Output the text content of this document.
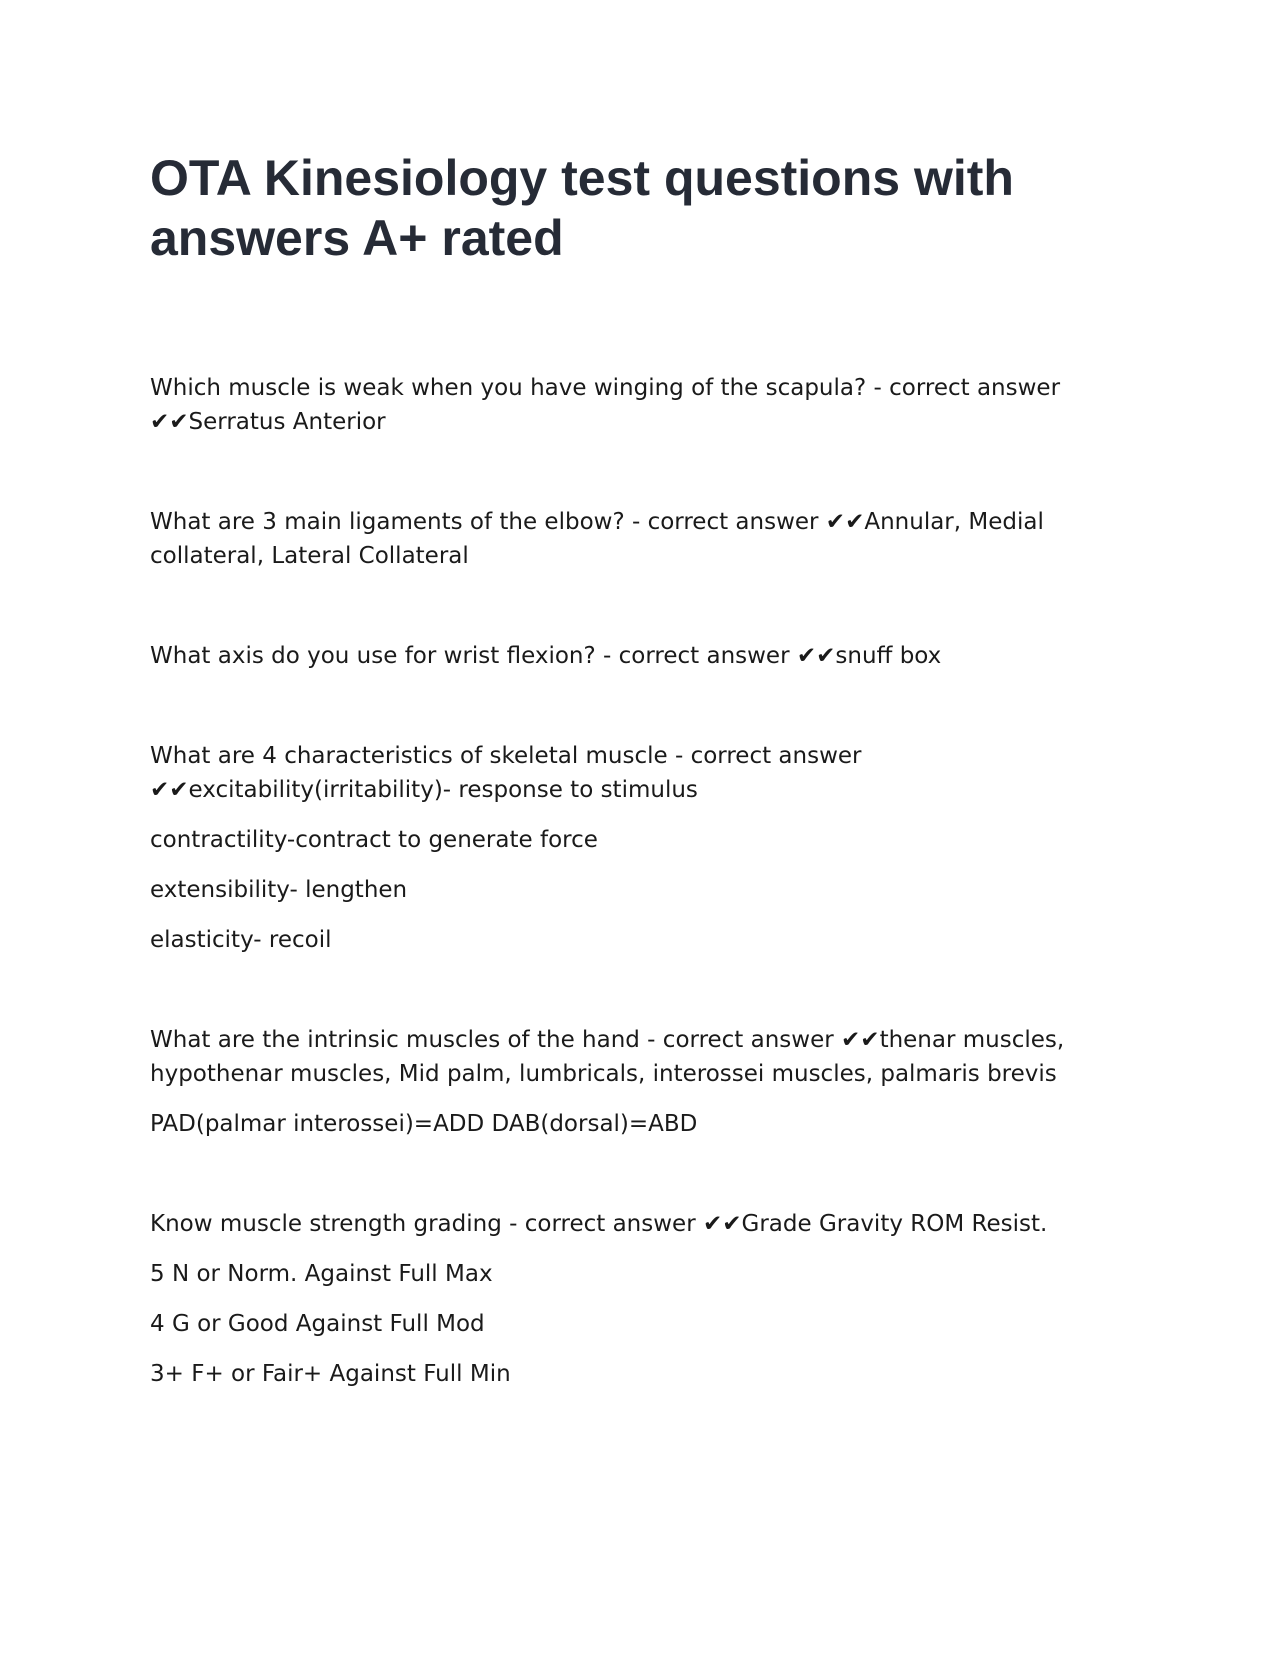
OTA Kinesiology test questions with answers A+ rated

Which muscle is weak when you have winging of the scapula? - correct answer ✔✔Serratus Anterior

What are 3 main ligaments of the elbow? - correct answer ✔✔Annular, Medial collateral, Lateral Collateral

What axis do you use for wrist flexion? - correct answer ✔✔snuff box

What are 4 characteristics of skeletal muscle - correct answer ✔✔excitability(irritability)- response to stimulus

contractility-contract to generate force

extensibility- lengthen

elasticity- recoil

What are the intrinsic muscles of the hand - correct answer ✔✔thenar muscles, hypothenar muscles, Mid palm, lumbricals, interossei muscles, palmaris brevis

PAD(palmar interossei)=ADD DAB(dorsal)=ABD

Know muscle strength grading - correct answer ✔✔Grade Gravity ROM Resist.

5 N or Norm. Against Full Max

4 G or Good Against Full Mod

3+ F+ or Fair+ Against Full Min
